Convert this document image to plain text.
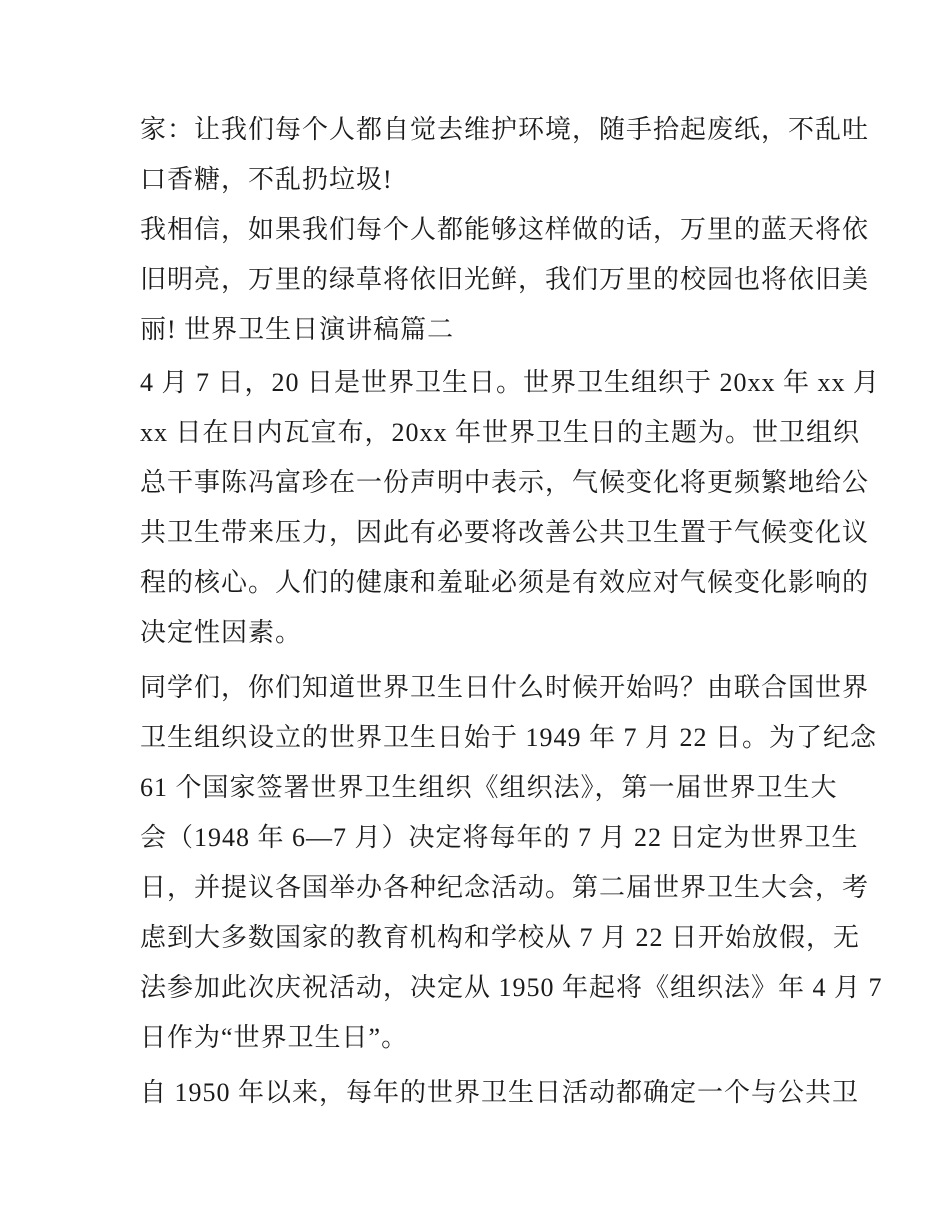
家：让我们每个人都自觉去维护环境，随手拾起废纸，不乱吐
口香糖，不乱扔垃圾!
我相信，如果我们每个人都能够这样做的话，万里的蓝天将依
旧明亮，万里的绿草将依旧光鲜，我们万里的校园也将依旧美
丽! 世界卫生日演讲稿篇二
4 月 7 日，20 日是世界卫生日。世界卫生组织于 20xx 年 xx 月
xx 日在日内瓦宣布，20xx 年世界卫生日的主题为。世卫组织
总干事陈冯富珍在一份声明中表示，气候变化将更频繁地给公
共卫生带来压力，因此有必要将改善公共卫生置于气候变化议
程的核心。人们的健康和羞耻必须是有效应对气候变化影响的
决定性因素。
同学们，你们知道世界卫生日什么时候开始吗？由联合国世界
卫生组织设立的世界卫生日始于 1949 年 7 月 22 日。为了纪念
61 个国家签署世界卫生组织《组织法》，第一届世界卫生大
会（1948 年 6—7 月）决定将每年的 7 月 22 日定为世界卫生
日，并提议各国举办各种纪念活动。第二届世界卫生大会，考
虑到大多数国家的教育机构和学校从 7 月 22 日开始放假，无
法参加此次庆祝活动，决定从 1950 年起将《组织法》年 4 月 7
日作为“世界卫生日”。
自 1950 年以来，每年的世界卫生日活动都确定一个与公共卫
